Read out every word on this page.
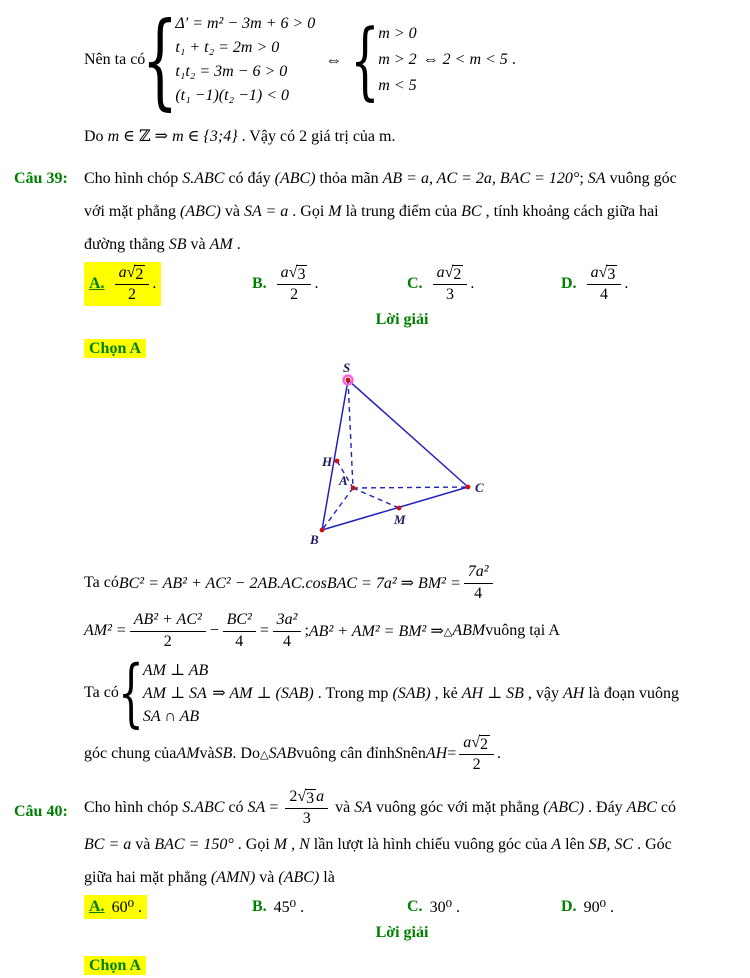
Nên ta có
{
Δ′ = m² − 3m + 6 > 0
t₁ + t₂ = 2m > 0
t₁t₂ = 3m − 6 > 0
(t₁ −1)(t₂ −1) < 0
⇔ {
m > 0
m > 2
m < 5
⇔ 2 < m < 5 .
Do m ∈ ℤ ⇒ m ∈ {3;4} . Vậy có 2 giá trị của m.
Câu 39:	Cho hình chóp S.ABC có đáy (ABC) thỏa mãn AB = a, AC = 2a, BAC = 120°; SA vuông góc
với mặt phẳng (ABC) và SA = a . Gọi M là trung điểm của BC , tính khoảng cách giữa hai
đường thẳng SB và AM .
A. $\frac{a √ 2}{2}$ .	B. $\frac{a √ 3}{2}$ .	C. $\frac{a √ 2}{3}$ .	D. $\frac{a √ 3}{4}$ .
Lời giải
Chọn A
S
H
A
B
C
M
Ta có BC² = AB² + AC² − 2AB.AC.cosBAC = 7a² ⇒ $BM^2 = \frac{\text{7a²}}{4}$
$AM^2 = \frac{\text{AB² + AC²}}{2} - \frac{\text{BC²}}{4} = \frac{\text{3a²}}{4}$ ; AB² + AM² = BM² ⇒ △ ABM vuông tại A
Ta có { AM ⊥ AB
AM ⊥ SA
SA ∩ AB
⇒ AM ⊥ (SAB) . Trong mp (SAB) , kẻ AH ⊥ SB , vậy AH là đoạn vuông
góc chung của AM và SB . Do △ SAB vuông cân đỉnh S nên AH = $\frac{a √ 2}{2}$ .
Câu 40:	Cho hình chóp S.ABC có SA = $\frac{2 √ 3 a}{3}$ và SA vuông góc với mặt phẳng (ABC) . Đáy ABC có
BC = a và BAC = 150° . Gọi M , N lần lượt là hình chiếu vuông góc của A lên SB, SC . Góc
giữa hai mặt phẳng (AMN) và (ABC) là
A. 60⁰ .	B. 45⁰ .	C. 30⁰ .	D. 90⁰ .
Lời giải
Chọn A
